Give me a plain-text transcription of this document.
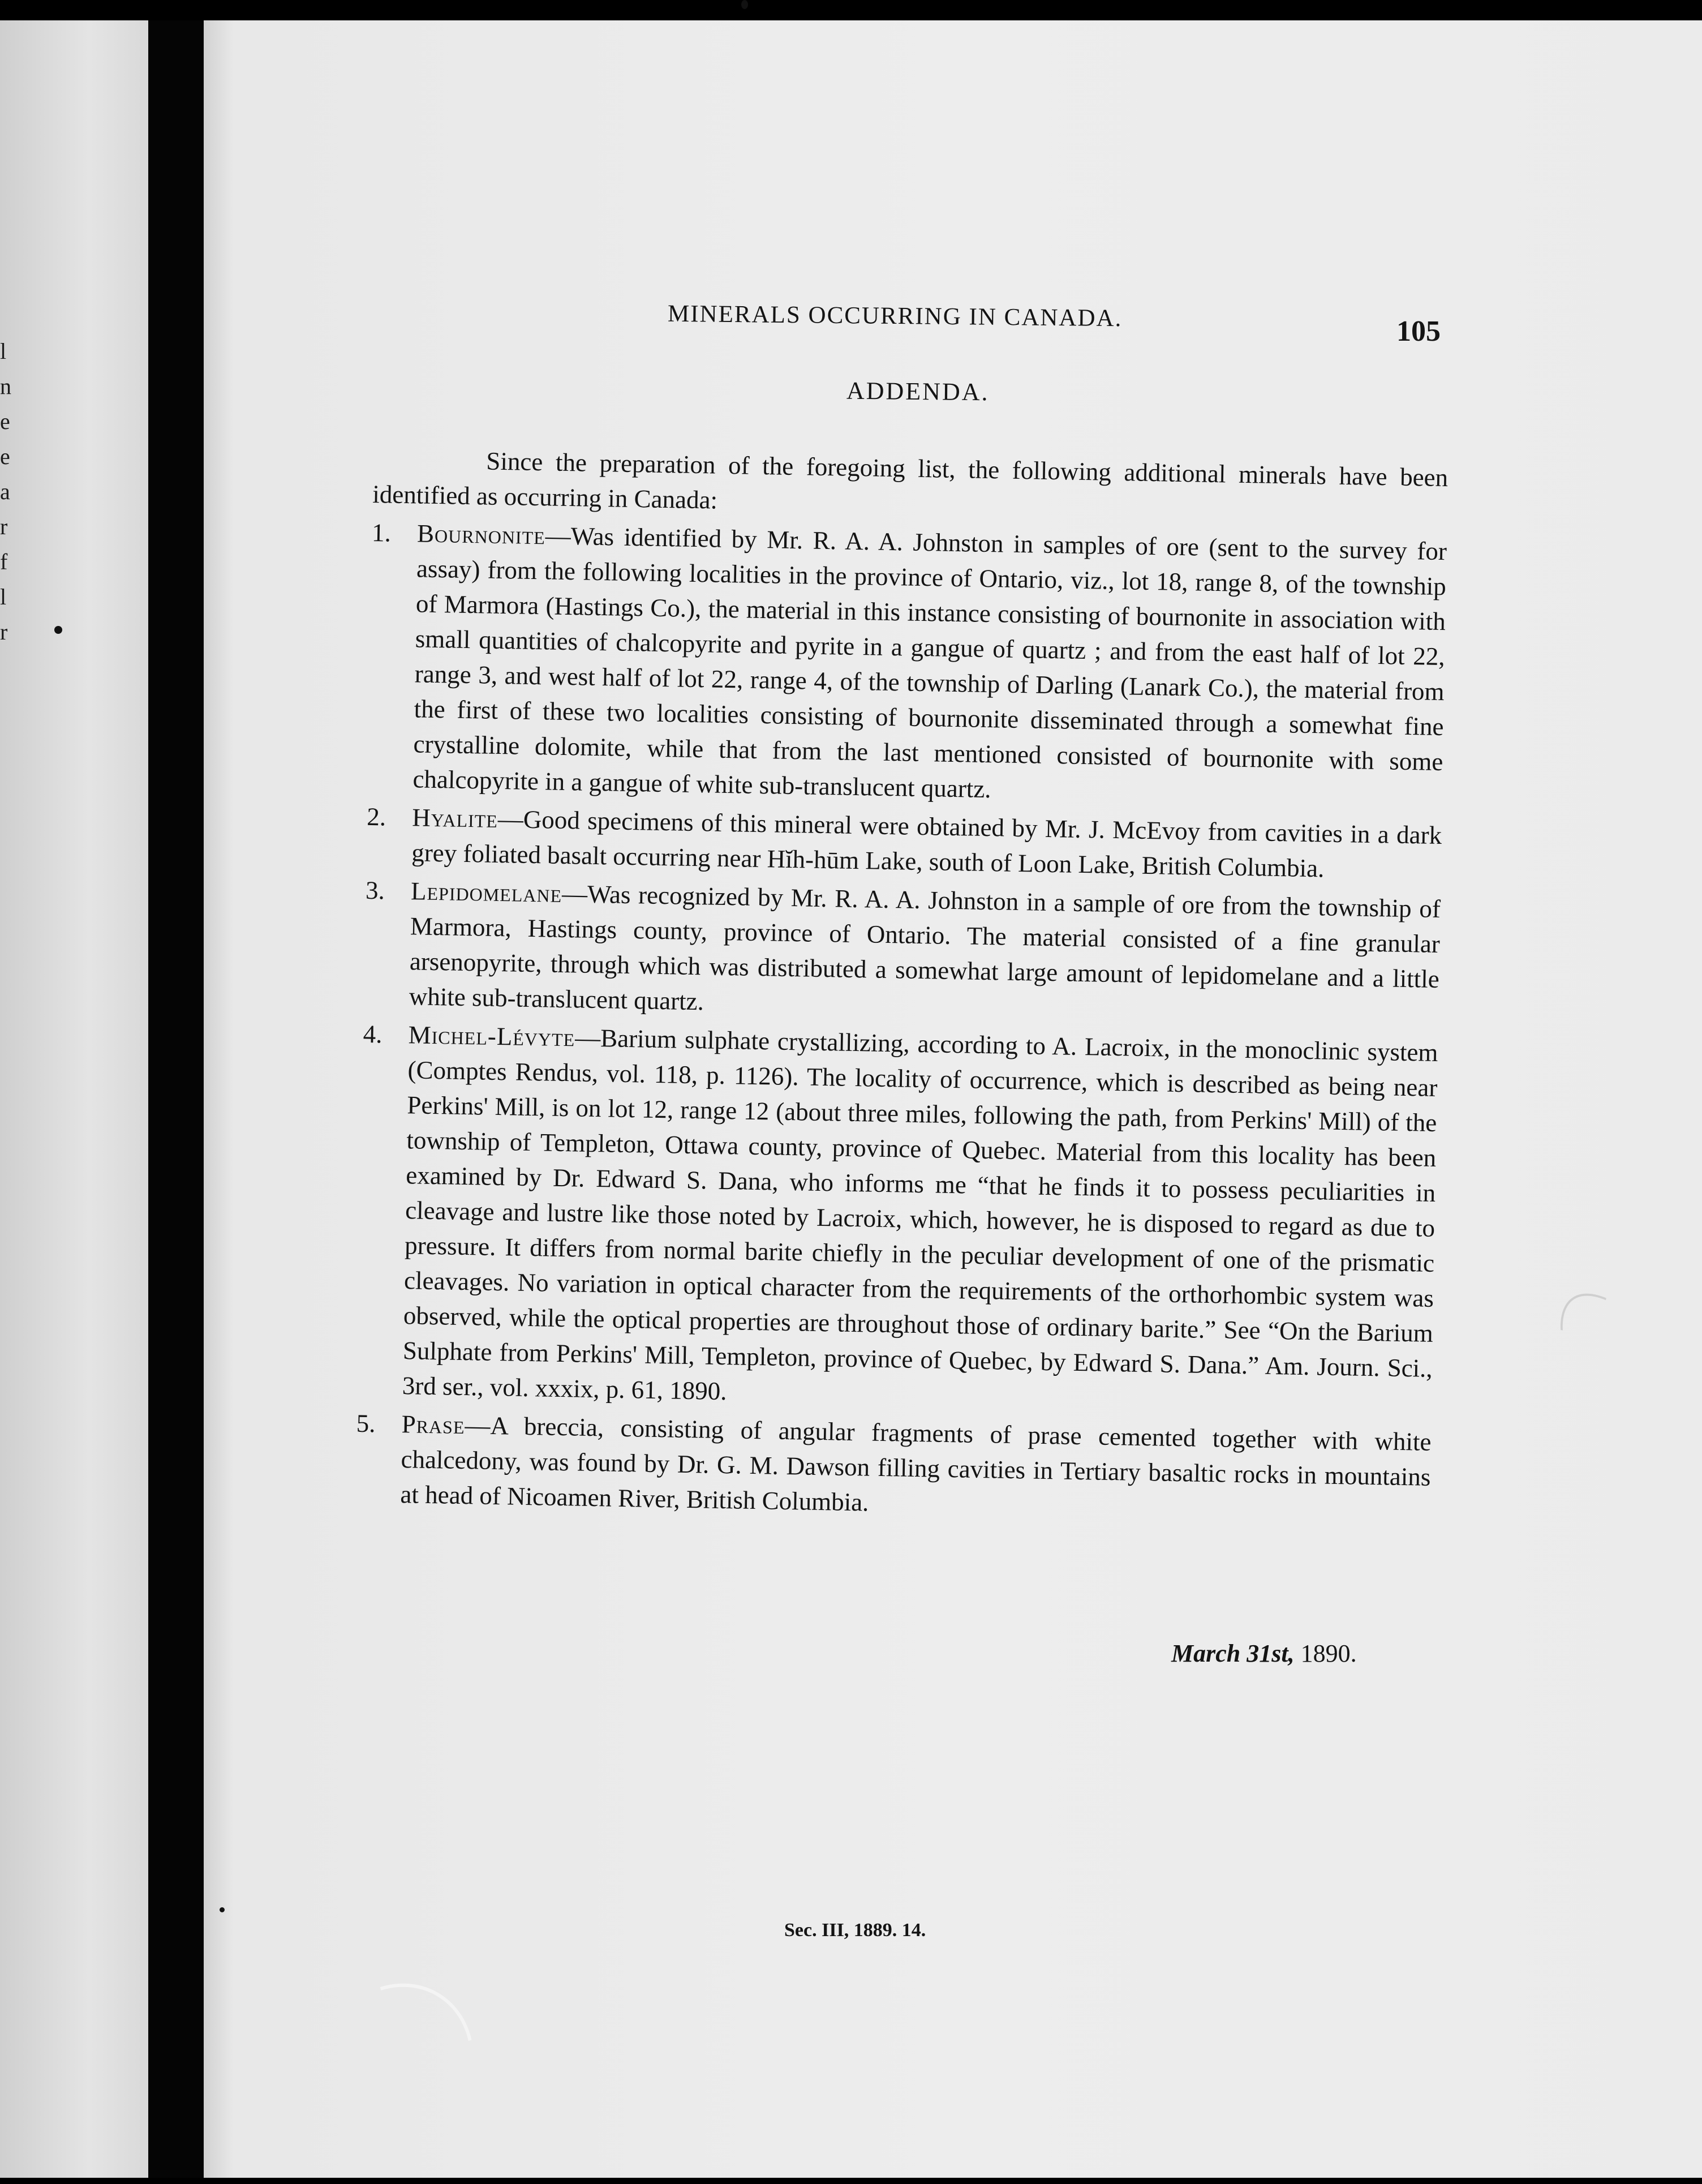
l
n
e
e
a
r
f
l
r
MINERALS OCCURRING IN CANADA.	105
ADDENDA.

Since the preparation of the foregoing list, the following additional minerals have been identified as occurring in Canada:

1. Bournonite—Was identified by Mr. R. A. A. Johnston in samples of ore (sent to the survey for assay) from the following localities in the province of Ontario, viz., lot 18, range 8, of the township of Marmora (Hastings Co.), the material in this instance consisting of bournonite in association with small quantities of chalcopyrite and pyrite in a gangue of quartz ; and from the east half of lot 22, range 3, and west half of lot 22, range 4, of the township of Darling (Lanark Co.), the material from the first of these two localities consisting of bournonite disseminated through a somewhat fine crystalline dolomite, while that from the last mentioned consisted of bournonite with some chalcopyrite in a gangue of white sub-translucent quartz.

2. Hyalite—Good specimens of this mineral were obtained by Mr. J. McEvoy from cavities in a dark grey foliated basalt occurring near Hĭh-hūm Lake, south of Loon Lake, British Columbia.

3. Lepidomelane—Was recognized by Mr. R. A. A. Johnston in a sample of ore from the township of Marmora, Hastings county, province of Ontario. The material consisted of a fine granular arsenopyrite, through which was distributed a somewhat large amount of lepidomelane and a little white sub-translucent quartz.

4. Michel-Lévyte—Barium sulphate crystallizing, according to A. Lacroix, in the monoclinic system (Comptes Rendus, vol. 118, p. 1126). The locality of occurrence, which is described as being near Perkins' Mill, is on lot 12, range 12 (about three miles, following the path, from Perkins' Mill) of the township of Templeton, Ottawa county, province of Quebec. Material from this locality has been examined by Dr. Edward S. Dana, who informs me “that he finds it to possess peculiarities in cleavage and lustre like those noted by Lacroix, which, however, he is disposed to regard as due to pressure. It differs from normal barite chiefly in the peculiar development of one of the prismatic cleavages. No variation in optical character from the requirements of the orthorhombic system was observed, while the optical properties are throughout those of ordinary barite.” See “On the Barium Sulphate from Perkins' Mill, Templeton, province of Quebec, by Edward S. Dana.” Am. Journ. Sci., 3rd ser., vol. xxxix, p. 61, 1890.

5. Prase—A breccia, consisting of angular fragments of prase cemented together with white chalcedony, was found by Dr. G. M. Dawson filling cavities in Tertiary basaltic rocks in mountains at head of Nicoamen River, British Columbia.

March 31st, 1890.
Sec. III, 1889. 14.
